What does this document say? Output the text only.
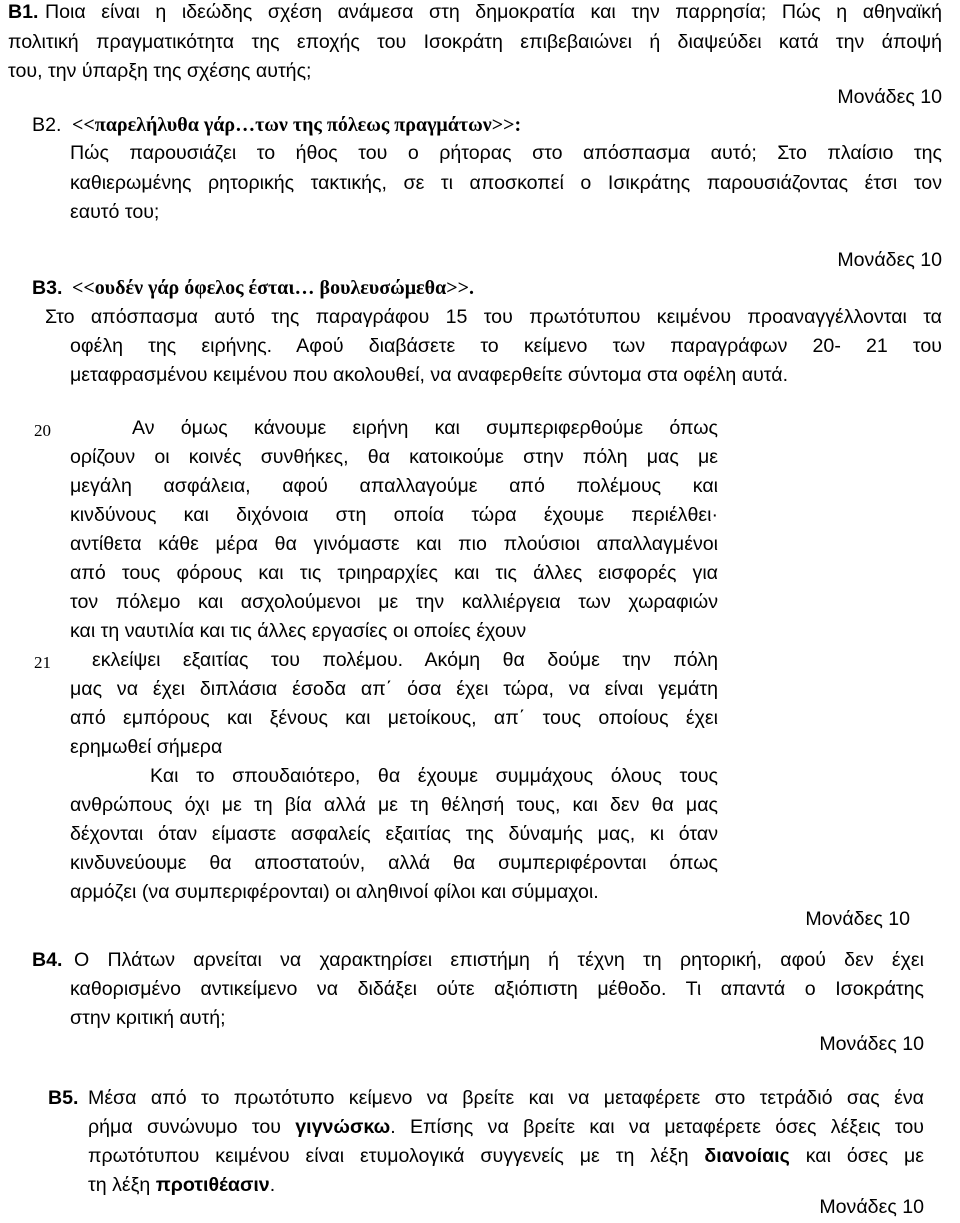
Β1. Ποια είναι η ιδεώδης σχέση ανάμεσα στη δημοκρατία και την παρρησία; Πώς η αθηναϊκή
πολιτική πραγματικότητα της εποχής του Ισοκράτη επιβεβαιώνει ή διαψεύδει κατά την άποψή
του, την ύπαρξη της σχέσης αυτής;
Μονάδες 10
Β2. <<παρελήλυθα γάρ…των της πόλεως πραγμάτων>>:
Πώς παρουσιάζει το ήθος του ο ρήτορας στο απόσπασμα αυτό; Στο πλαίσιο της
καθιερωμένης ρητορικής τακτικής, σε τι αποσκοπεί ο Ισικράτης παρουσιάζοντας έτσι τον
εαυτό του;
Μονάδες 10
Β3. <<ουδέν γάρ όφελος έσται… βουλευσώμεθα>>.
Στο απόσπασμα αυτό της παραγράφου 15 του πρωτότυπου κειμένου προαναγγέλλονται τα
οφέλη της ειρήνης. Αφού διαβάσετε το κείμενο των παραγράφων 20- 21 του
μεταφρασμένου κειμένου που ακολουθεί, να αναφερθείτε σύντομα στα οφέλη αυτά.
20	Αν όμως κάνουμε ειρήνη και συμπεριφερθούμε όπως
ορίζουν οι κοινές συνθήκες, θα κατοικούμε στην πόλη μας με
μεγάλη ασφάλεια, αφού απαλλαγούμε από πολέμους και
κινδύνους και διχόνοια στη οποία τώρα έχουμε περιέλθει·
αντίθετα κάθε μέρα θα γινόμαστε και πιο πλούσιοι απαλλαγμένοι
από τους φόρους και τις τριηραρχίες και τις άλλες εισφορές για
τον πόλεμο και ασχολούμενοι με την καλλιέργεια των χωραφιών
και τη ναυτιλία και τις άλλες εργασίες οι οποίες έχουν
21 εκλείψει εξαιτίας του πολέμου. Ακόμη θα δούμε την πόλη
μας να έχει διπλάσια έσοδα απ΄ όσα έχει τώρα, να είναι γεμάτη
από εμπόρους και ξένους και μετοίκους, απ΄ τους οποίους έχει
ερημωθεί σήμερα
Και το σπουδαιότερο, θα έχουμε συμμάχους όλους τους
ανθρώπους όχι με τη βία αλλά με τη θέλησή τους, και δεν θα μας
δέχονται όταν είμαστε ασφαλείς εξαιτίας της δύναμής μας, κι όταν
κινδυνεύουμε θα αποστατούν, αλλά θα συμπεριφέρονται όπως
αρμόζει (να συμπεριφέρονται) οι αληθινοί φίλοι και σύμμαχοι.
Μονάδες 10
Β4. Ο Πλάτων αρνείται να χαρακτηρίσει επιστήμη ή τέχνη τη ρητορική, αφού δεν έχει
καθορισμένο αντικείμενο να διδάξει ούτε αξιόπιστη μέθοδο. Τι απαντά ο Ισοκράτης
στην κριτική αυτή;
Μονάδες 10
Β5. Μέσα από το πρωτότυπο κείμενο να βρείτε και να μεταφέρετε στο τετράδιό σας ένα
ρήμα συνώνυμο του γιγνώσκω. Επίσης να βρείτε και να μεταφέρετε όσες λέξεις του
πρωτότυπου κειμένου είναι ετυμολογικά συγγενείς με τη λέξη διανοίαις και όσες με
τη λέξη προτιθέασιν.
Μονάδες 10
